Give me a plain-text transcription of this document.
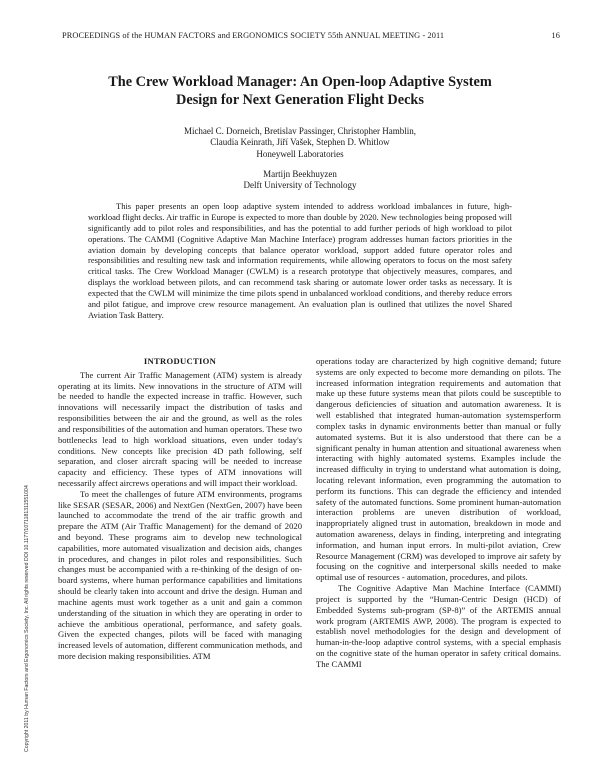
PROCEEDINGS of the HUMAN FACTORS and ERGONOMICS SOCIETY 55th ANNUAL MEETING - 2011	16
The Crew Workload Manager: An Open-loop Adaptive System
Design for Next Generation Flight Decks
Michael C. Dorneich, Bretislav Passinger, Christopher Hamblin,
Claudia Keinrath, Jiří Vašek, Stephen D. Whitlow
Honeywell Laboratories
Martijn Beekhuyzen
Delft University of Technology

This paper presents an open loop adaptive system intended to address workload imbalances in future, high-workload flight decks. Air traffic in Europe is expected to more than double by 2020. New technologies being proposed will significantly add to pilot roles and responsibilities, and has the potential to add further periods of high workload to pilot operations. The CAMMI (Cognitive Adaptive Man Machine Interface) program addresses human factors priorities in the aviation domain by developing concepts that balance operator workload, support added future operator roles and responsibilities and resulting new task and information requirements, while allowing operators to focus on the most safety critical tasks. The Crew Workload Manager (CWLM) is a research prototype that objectively measures, compares, and displays the workload between pilots, and can recommend task sharing or automate lower order tasks as necessary. It is expected that the CWLM will minimize the time pilots spend in unbalanced workload conditions, and thereby reduce errors and pilot fatigue, and improve crew resource management. An evaluation plan is outlined that utilizes the novel Shared Aviation Task Battery.

INTRODUCTION

The current Air Traffic Management (ATM) system is already operating at its limits. New innovations in the structure of ATM will be needed to handle the expected increase in traffic. However, such innovations will necessarily impact the distribution of tasks and responsibilities between the air and the ground, as well as the roles and responsibilities of the automation and human operators. These two bottlenecks lead to high workload situations, even under today's conditions. New concepts like precision 4D path following, self separation, and closer aircraft spacing will be needed to increase capacity and efficiency. These types of ATM innovations will necessarily affect aircrews operations and will impact their workload.

To meet the challenges of future ATM environments, programs like SESAR (SESAR, 2006) and NextGen (NextGen, 2007) have been launched to accommodate the trend of the air traffic growth and prepare the ATM (Air Traffic Management) for the demand of 2020 and beyond. These programs aim to develop new technological capabilities, more automated visualization and decision aids, changes in procedures, and changes in pilot roles and responsibilities. Such changes must be accompanied with a re-thinking of the design of on-board systems, where human performance capabilities and limitations should be clearly taken into account and drive the design. Human and machine agents must work together as a unit and gain a common understanding of the situation in which they are operating in order to achieve the ambitious operational, performance, and safety goals. Given the expected changes, pilots will be faced with managing increased levels of automation, different communication methods, and more decision making responsibilities. ATM

operations today are characterized by high cognitive demand; future systems are only expected to become more demanding on pilots. The increased information integration requirements and automation that make up these future systems mean that pilots could be susceptible to dangerous deficiencies of situation and automation awareness. It is well established that integrated human-automation systemsperform complex tasks in dynamic environments better than manual or fully automated systems. But it is also understood that there can be a significant penalty in human attention and situational awareness when interacting with highly automated systems. Examples include the increased difficulty in trying to understand what automation is doing, locating relevant information, even programming the automation to perform its functions. This can degrade the efficiency and intended safety of the automated functions. Some prominent human-automation interaction problems are uneven distribution of workload, inappropriately aligned trust in automation, breakdown in mode and automation awareness, delays in finding, interpreting and integrating information, and human input errors. In multi-pilot aviation, Crew Resource Management (CRM) was developed to improve air safety by focusing on the cognitive and interpersonal skills needed to make optimal use of resources - automation, procedures, and pilots.

The Cognitive Adaptive Man Machine Interface (CAMMI) project is supported by the “Human-Centric Design (HCD) of Embedded Systems sub-program (SP-8)” of the ARTEMIS annual work program (ARTEMIS AWP, 2008). The program is expected to establish novel methodologies for the design and development of human-in-the-loop adaptive control systems, with a special emphasis on the cognitive state of the human operator in safety critical domains. The CAMMI

Copyright 2011 by Human Factors and Ergonomics Society, Inc. All rights reserved DOI 10.1177/1071181311551004
